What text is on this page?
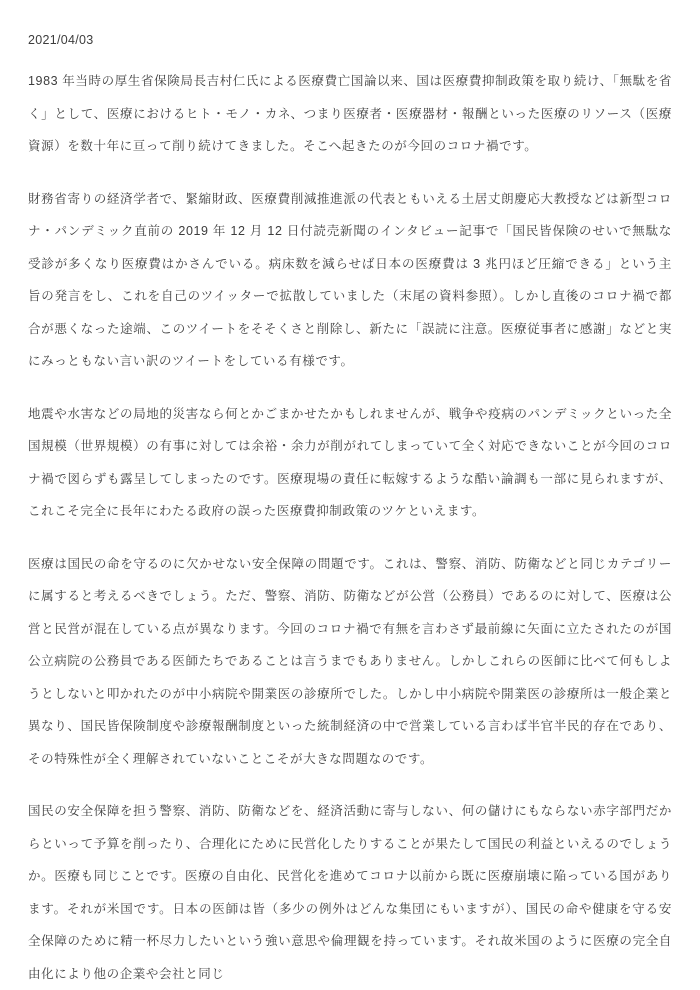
2021/04/03

1983 年当時の厚生省保険局長吉村仁氏による医療費亡国論以来、国は医療費抑制政策を取り続け、「無駄を省く」として、医療におけるヒト・モノ・カネ、つまり医療者・医療器材・報酬といった医療のリソース（医療資源）を数十年に亘って削り続けてきました。そこへ起きたのが今回のコロナ禍です。

財務省寄りの経済学者で、緊縮財政、医療費削減推進派の代表ともいえる土居丈朗慶応大教授などは新型コロナ・パンデミック直前の 2019 年 12 月 12 日付読売新聞のインタビュー記事で「国民皆保険のせいで無駄な受診が多くなり医療費はかさんでいる。病床数を減らせば日本の医療費は 3 兆円ほど圧縮できる」という主旨の発言をし、これを自己のツイッターで拡散していました（末尾の資料参照）。しかし直後のコロナ禍で都合が悪くなった途端、このツイートをそそくさと削除し、新たに「誤読に注意。医療従事者に感謝」などと実にみっともない言い訳のツイートをしている有様です。

地震や水害などの局地的災害なら何とかごまかせたかもしれませんが、戦争や疫病のパンデミックといった全国規模（世界規模）の有事に対しては余裕・余力が削がれてしまっていて全く対応できないことが今回のコロナ禍で図らずも露呈してしまったのです。医療現場の責任に転嫁するような酷い論調も一部に見られますが、これこそ完全に長年にわたる政府の誤った医療費抑制政策のツケといえます。

医療は国民の命を守るのに欠かせない安全保障の問題です。これは、警察、消防、防衛などと同じカテゴリーに属すると考えるべきでしょう。ただ、警察、消防、防衛などが公営（公務員）であるのに対して、医療は公営と民営が混在している点が異なります。今回のコロナ禍で有無を言わさず最前線に矢面に立たされたのが国公立病院の公務員である医師たちであることは言うまでもありません。しかしこれらの医師に比べて何もしようとしないと叩かれたのが中小病院や開業医の診療所でした。しかし中小病院や開業医の診療所は一般企業と異なり、国民皆保険制度や診療報酬制度といった統制経済の中で営業している言わば半官半民的存在であり、その特殊性が全く理解されていないことこそが大きな問題なのです。

国民の安全保障を担う警察、消防、防衛などを、経済活動に寄与しない、何の儲けにもならない赤字部門だからといって予算を削ったり、合理化にために民営化したりすることが果たして国民の利益といえるのでしょうか。医療も同じことです。医療の自由化、民営化を進めてコロナ以前から既に医療崩壊に陥っている国があります。それが米国です。日本の医師は皆（多少の例外はどんな集団にもいますが）、国民の命や健康を守る安全保障のために精一杯尽力したいという強い意思や倫理観を持っています。それ故米国のように医療の完全自由化により他の企業や会社と同じ
